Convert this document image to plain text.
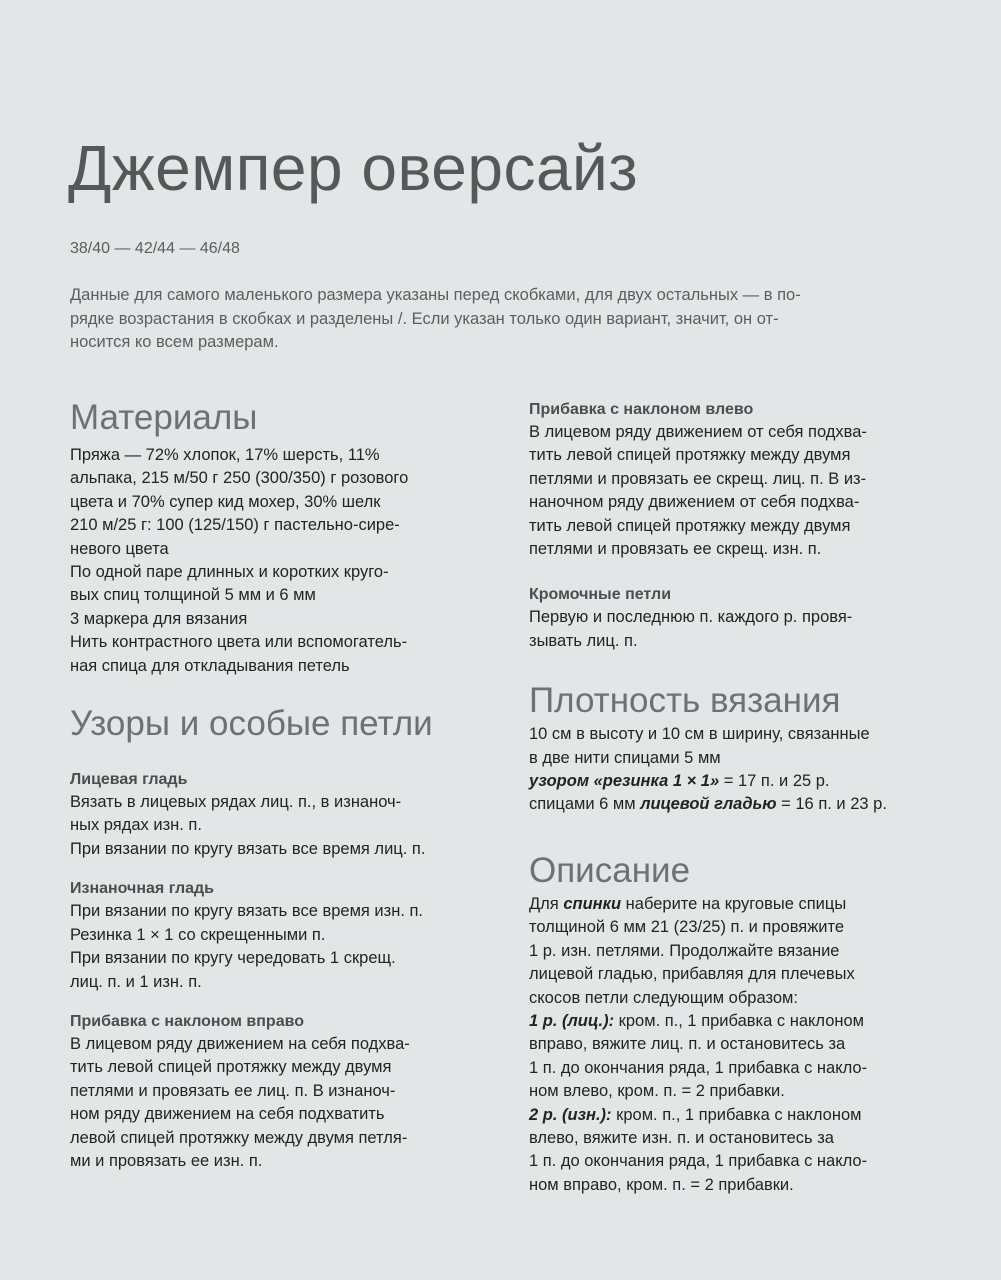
Джемпер оверсайз
38/40 — 42/44 — 46/48
Данные для самого маленького размера указаны перед скобками, для двух остальных — в по-
рядке возрастания в скобках и разделены /. Если указан только один вариант, значит, он от-
носится ко всем размерам.
Материалы
Пряжа — 72% хлопок, 17% шерсть, 11%
альпака, 215 м/50 г 250 (300/350) г розового
цвета и 70% супер кид мохер, 30% шелк
210 м/25 г: 100 (125/150) г пастельно-сире-
невого цвета
По одной паре длинных и коротких круго-
вых спиц толщиной 5 мм и 6 мм
3 маркера для вязания
Нить контрастного цвета или вспомогатель-
ная спица для откладывания петель
Узоры и особые петли
Лицевая гладь
Вязать в лицевых рядах лиц. п., в изнаноч-
ных рядах изн. п.
При вязании по кругу вязать все время лиц. п.
Изнаночная гладь
При вязании по кругу вязать все время изн. п.
Резинка 1 × 1 со скрещенными п.
При вязании по кругу чередовать 1 скрещ.
лиц. п. и 1 изн. п.
Прибавка с наклоном вправо
В лицевом ряду движением на себя подхва-
тить левой спицей протяжку между двумя
петлями и провязать ее лиц. п. В изнаноч-
ном ряду движением на себя подхватить
левой спицей протяжку между двумя петля-
ми и провязать ее изн. п.
Прибавка с наклоном влево
В лицевом ряду движением от себя подхва-
тить левой спицей протяжку между двумя
петлями и провязать ее скрещ. лиц. п. В из-
наночном ряду движением от себя подхва-
тить левой спицей протяжку между двумя
петлями и провязать ее скрещ. изн. п.
Кромочные петли
Первую и последнюю п. каждого р. провя-
зывать лиц. п.
Плотность вязания
10 см в высоту и 10 см в ширину, связанные
в две нити спицами 5 мм
узором «резинка 1 × 1» = 17 п. и 25 р.
спицами 6 мм лицевой гладью = 16 п. и 23 р.
Описание
Для спинки наберите на круговые спицы
толщиной 6 мм 21 (23/25) п. и провяжите
1 р. изн. петлями. Продолжайте вязание
лицевой гладью, прибавляя для плечевых
скосов петли следующим образом:
1 р. (лиц.): кром. п., 1 прибавка с наклоном
вправо, вяжите лиц. п. и остановитесь за
1 п. до окончания ряда, 1 прибавка с накло-
ном влево, кром. п. = 2 прибавки.
2 р. (изн.): кром. п., 1 прибавка с наклоном
влево, вяжите изн. п. и остановитесь за
1 п. до окончания ряда, 1 прибавка с накло-
ном вправо, кром. п. = 2 прибавки.
